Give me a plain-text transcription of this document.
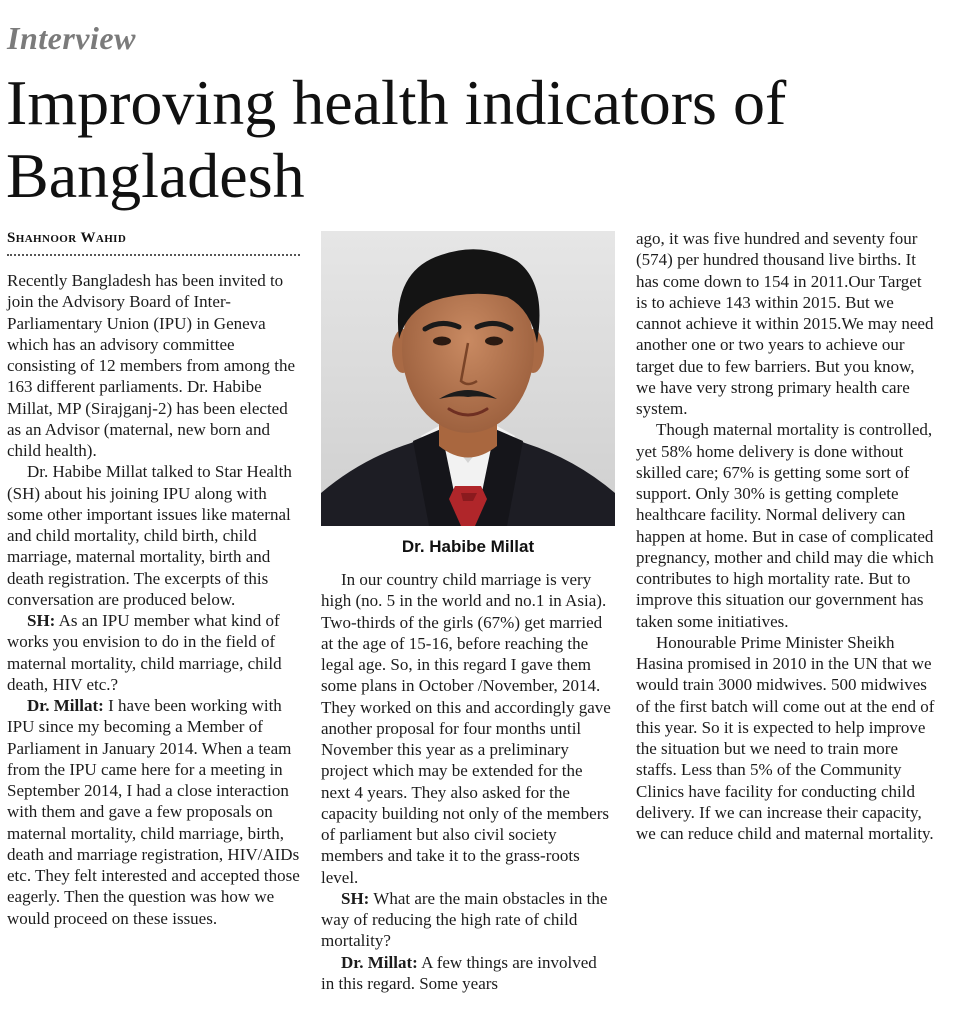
Interview
Improving health indicators of Bangladesh
Shahnoor Wahid

Recently Bangladesh has been invited to join the Advisory Board of Inter-Parliamentary Union (IPU) in Geneva which has an advisory committee consisting of 12 members from among the 163 different parliaments. Dr. Habibe Millat, MP (Sirajganj-2) has been elected as an Advisor (maternal, new born and child health).

Dr. Habibe Millat talked to Star Health (SH) about his joining IPU along with some other important issues like maternal and child mortality, child birth, child marriage, maternal mortality, birth and death registration. The excerpts of this conversation are produced below.

SH: As an IPU member what kind of works you envision to do in the field of maternal mortality, child marriage, child death, HIV etc.?

Dr. Millat: I have been working with IPU since my becoming a Member of Parliament in January 2014. When a team from the IPU came here for a meeting in September 2014, I had a close interaction with them and gave a few proposals on maternal mortality, child marriage, birth, death and marriage registration, HIV/AIDs etc. They felt interested and accepted those eagerly. Then the question was how we would proceed on these issues.

Dr. Habibe Millat

In our country child marriage is very high (no. 5 in the world and no.1 in Asia). Two-thirds of the girls (67%) get married at the age of 15-16, before reaching the legal age. So, in this regard I gave them some plans in October /November, 2014. They worked on this and accordingly gave another proposal for four months until November this year as a preliminary project which may be extended for the next 4 years. They also asked for the capacity building not only of the members of parliament but also civil society members and take it to the grass-roots level.

SH: What are the main obstacles in the way of reducing the high rate of child mortality?

Dr. Millat: A few things are involved in this regard. Some years

ago, it was five hundred and seventy four (574) per hundred thousand live births. It has come down to 154 in 2011.Our Target is to achieve 143 within 2015. But we cannot achieve it within 2015.We may need another one or two years to achieve our target due to few barriers. But you know, we have very strong primary health care system.

Though maternal mortality is controlled, yet 58% home delivery is done without skilled care; 67% is getting some sort of support. Only 30% is getting complete healthcare facility. Normal delivery can happen at home. But in case of complicated pregnancy, mother and child may die which contributes to high mortality rate. But to improve this situation our government has taken some initiatives.

Honourable Prime Minister Sheikh Hasina promised in 2010 in the UN that we would train 3000 midwives. 500 midwives of the first batch will come out at the end of this year. So it is expected to help improve the situation but we need to train more staffs. Less than 5% of the Community Clinics have facility for conducting child delivery. If we can increase their capacity, we can reduce child and maternal mortality.
